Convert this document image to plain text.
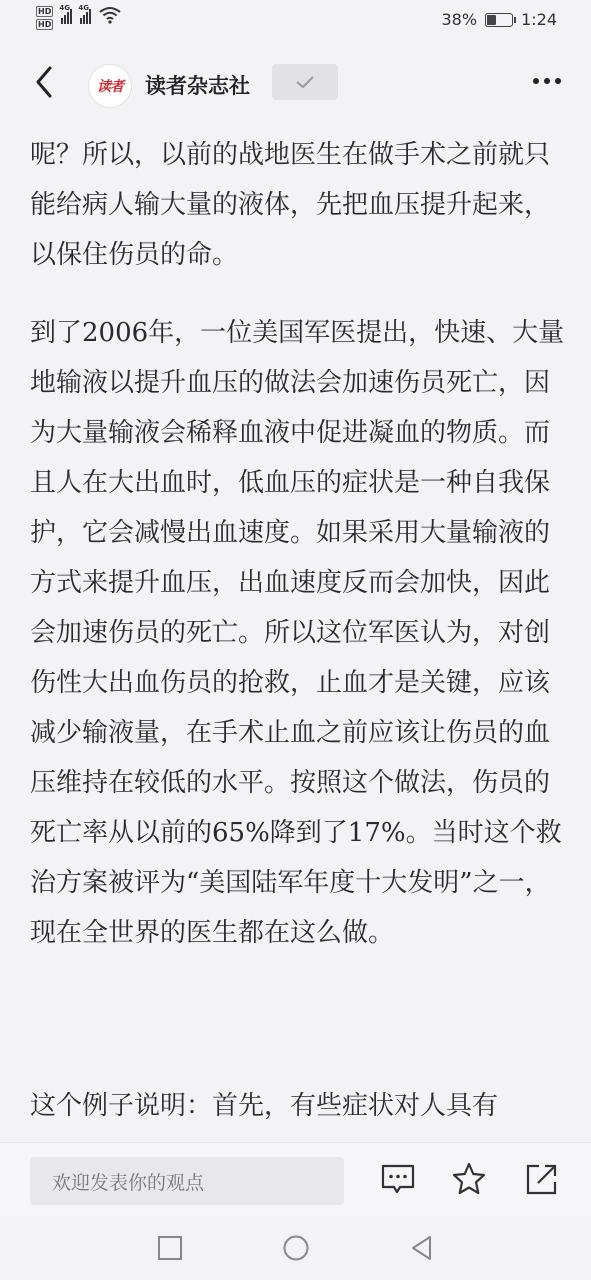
HD
HD
4G 4G
38%	1:24
读者 读者杂志社

呢？所以，以前的战地医生在做手术之前就只能给病人输大量的液体，先把血压提升起来，以保住伤员的命。

到了2006年，一位美国军医提出，快速、大量地输液以提升血压的做法会加速伤员死亡，因为大量输液会稀释血液中促进凝血的物质。而且人在大出血时，低血压的症状是一种自我保护，它会减慢出血速度。如果采用大量输液的方式来提升血压，出血速度反而会加快，因此会加速伤员的死亡。所以这位军医认为，对创伤性大出血伤员的抢救，止血才是关键，应该减少输液量，在手术止血之前应该让伤员的血压维持在较低的水平。按照这个做法，伤员的死亡率从以前的65%降到了17%。当时这个救治方案被评为“美国陆军年度十大发明”之一，现在全世界的医生都在这么做。

这个例子说明：首先，有些症状对人具有

欢迎发表你的观点
